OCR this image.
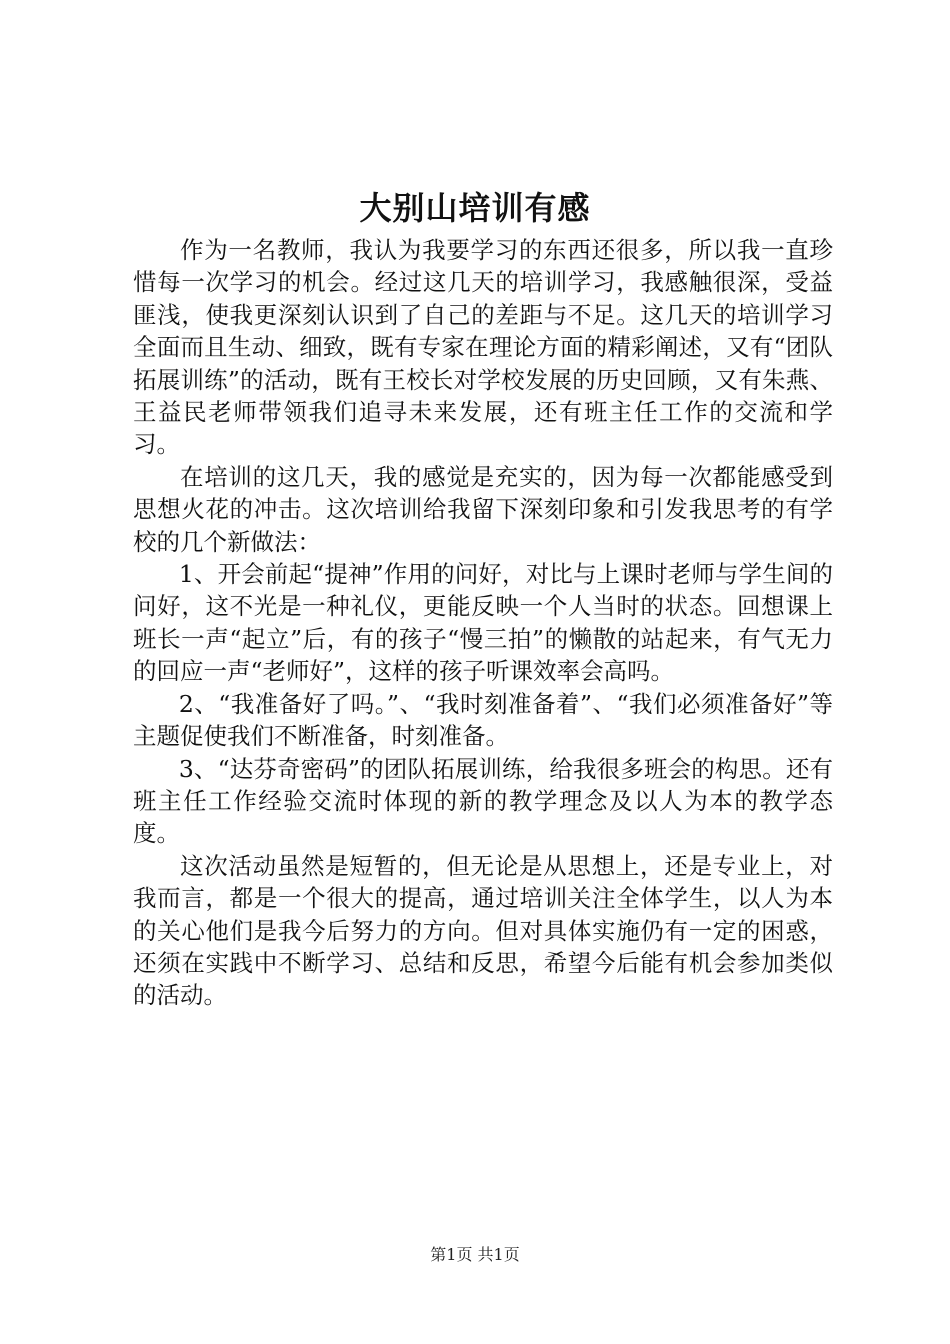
大别山培训有感

作为一名教师，我认为我要学习的东西还很多，所以我一直珍惜每一次学习的机会。经过这几天的培训学习，我感触很深，受益匪浅，使我更深刻认识到了自己的差距与不足。这几天的培训学习全面而且生动、细致，既有专家在理论方面的精彩阐述，又有“团队拓展训练”的活动，既有王校长对学校发展的历史回顾，又有朱燕、王益民老师带领我们追寻未来发展，还有班主任工作的交流和学习。

在培训的这几天，我的感觉是充实的，因为每一次都能感受到思想火花的冲击。这次培训给我留下深刻印象和引发我思考的有学校的几个新做法：

1、开会前起“提神”作用的问好，对比与上课时老师与学生间的问好，这不光是一种礼仪，更能反映一个人当时的状态。回想课上班长一声“起立”后，有的孩子“慢三拍”的懒散的站起来，有气无力的回应一声“老师好”，这样的孩子听课效率会高吗。

2、“我准备好了吗。”、“我时刻准备着”、“我们必须准备好”等主题促使我们不断准备，时刻准备。

3、“达芬奇密码”的团队拓展训练，给我很多班会的构思。还有班主任工作经验交流时体现的新的教学理念及以人为本的教学态度。

这次活动虽然是短暂的，但无论是从思想上，还是专业上，对我而言，都是一个很大的提高，通过培训关注全体学生，以人为本的关心他们是我今后努力的方向。但对具体实施仍有一定的困惑，还须在实践中不断学习、总结和反思，希望今后能有机会参加类似的活动。

第1页 共1页
